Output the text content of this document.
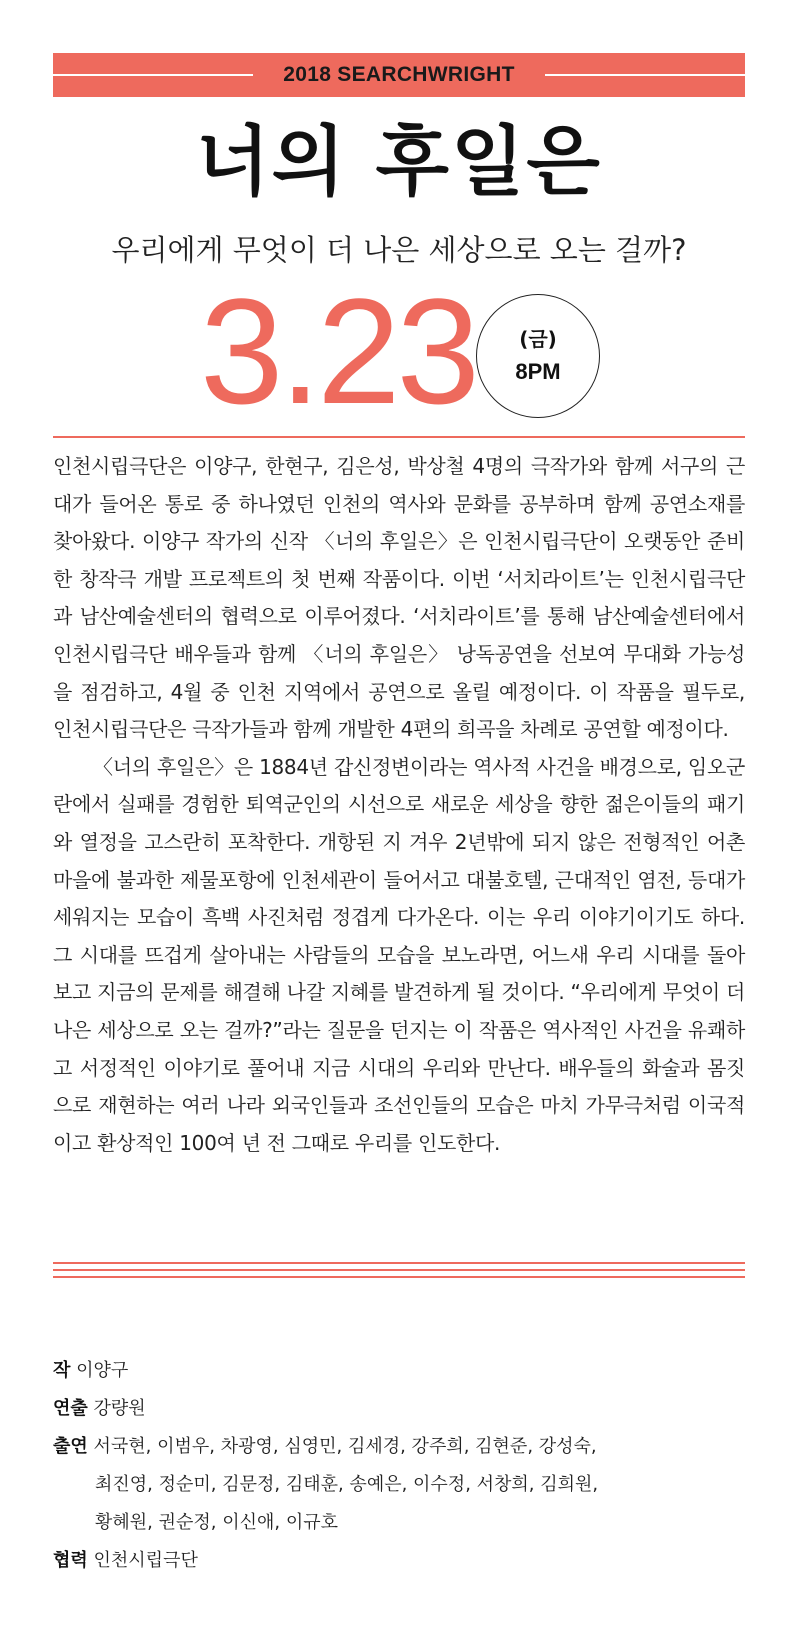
2018 SEARCHWRIGHT
너의 후일은
우리에게 무엇이 더 나은 세상으로 오는 걸까?
3.23	(금)
8PM

인천시립극단은 이양구, 한현구, 김은성, 박상철 4명의 극작가와 함께 서구의 근대가 들어온 통로 중 하나였던 인천의 역사와 문화를 공부하며 함께 공연소재를 찾아왔다. 이양구 작가의 신작 〈너의 후일은〉은 인천시립극단이 오랫동안 준비한 창작극 개발 프로젝트의 첫 번째 작품이다. 이번 ‘서치라이트’는 인천시립극단과 남산예술센터의 협력으로 이루어졌다. ‘서치라이트’를 통해 남산예술센터에서 인천시립극단 배우들과 함께 〈너의 후일은〉 낭독공연을 선보여 무대화 가능성을 점검하고, 4월 중 인천 지역에서 공연으로 올릴 예정이다. 이 작품을 필두로, 인천시립극단은 극작가들과 함께 개발한 4편의 희곡을 차례로 공연할 예정이다.

〈너의 후일은〉은 1884년 갑신정변이라는 역사적 사건을 배경으로, 임오군란에서 실패를 경험한 퇴역군인의 시선으로 새로운 세상을 향한 젊은이들의 패기와 열정을 고스란히 포착한다. 개항된 지 겨우 2년밖에 되지 않은 전형적인 어촌 마을에 불과한 제물포항에 인천세관이 들어서고 대불호텔, 근대적인 염전, 등대가 세워지는 모습이 흑백 사진처럼 정겹게 다가온다. 이는 우리 이야기이기도 하다. 그 시대를 뜨겁게 살아내는 사람들의 모습을 보노라면, 어느새 우리 시대를 돌아보고 지금의 문제를 해결해 나갈 지혜를 발견하게 될 것이다. “우리에게 무엇이 더 나은 세상으로 오는 걸까?”라는 질문을 던지는 이 작품은 역사적인 사건을 유쾌하고 서정적인 이야기로 풀어내 지금 시대의 우리와 만난다. 배우들의 화술과 몸짓으로 재현하는 여러 나라 외국인들과 조선인들의 모습은 마치 가무극처럼 이국적이고 환상적인 100여 년 전 그때로 우리를 인도한다.

작 이양구
연출 강량원
출연 서국현, 이범우, 차광영, 심영민, 김세경, 강주희, 김현준, 강성숙,
최진영, 정순미, 김문정, 김태훈, 송예은, 이수정, 서창희, 김희원,
황혜원, 권순정, 이신애, 이규호
협력 인천시립극단
